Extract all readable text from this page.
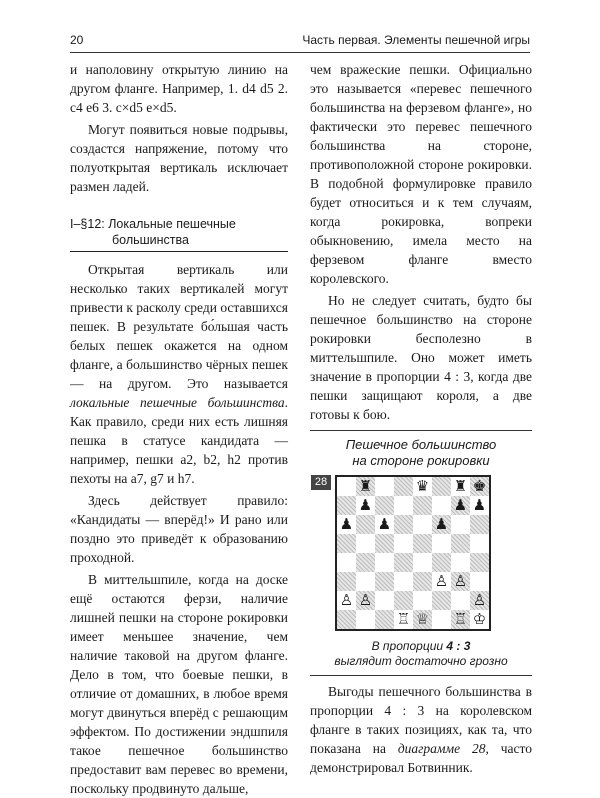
20	Часть первая. Элементы пешечной игры

и наполовину открытую линию на другом фланге. Например, 1. d4 d5 2. c4 e6 3. c×d5 e×d5.

Могут появиться новые подрывы, создастся напряжение, потому что полуоткрытая вертикаль исключает размен ладей.

I–§12: Локальные пешечные
большинства

Открытая вертикаль или несколько таких вертикалей могут привести к расколу среди оставшихся пешек. В результате бо́льшая часть белых пешек окажется на одном фланге, а большинство чёрных пешек — на другом. Это называется локальные пешечные большинства. Как правило, среди них есть лишняя пешка в статусе кандидата — например, пешки a2, b2, h2 против пехоты на a7, g7 и h7.

Здесь действует правило: «Кандидаты — вперёд!» И рано или поздно это приведёт к образованию проходной.

В миттельшпиле, когда на доске ещё остаются ферзи, наличие лишней пешки на стороне рокировки имеет меньшее значение, чем наличие таковой на другом фланге. Дело в том, что боевые пешки, в отличие от домашних, в любое время могут двинуться вперёд с решающим эффектом. По достижении эндшпиля такое пешечное большинство предоставит вам перевес во времени, поскольку продвинуто дальше,

чем вражеские пешки. Официально это называется «перевес пешечного большинства на ферзевом фланге», но фактически это перевес пешечного большинства на стороне, противоположной стороне рокировки. В подобной формулировке правило будет относиться и к тем случаям, когда рокировка, вопреки обыкновению, имела место на ферзевом фланге вместо королевского.

Но не следует считать, будто бы пешечное большинство на стороне рокировки бесполезно в миттельшпиле. Оно может иметь значение в пропорции 4 : 3, когда две пешки защищают короля, а две готовы к бою.

Пешечное большинство
на стороне рокировки
28 ♜	♛ ♜ ♚
♟	♟ ♟
♟ ♟	♟
♙ ♙
♙ ♙	♙
♖ ♕ ♖ ♔
В пропорции 4 : 3
выглядит достаточно грозно

Выгоды пешечного большинства в пропорции 4 : 3 на королевском фланге в таких позициях, как та, что показана на диаграмме 28, часто демонстрировал Ботвинник.
